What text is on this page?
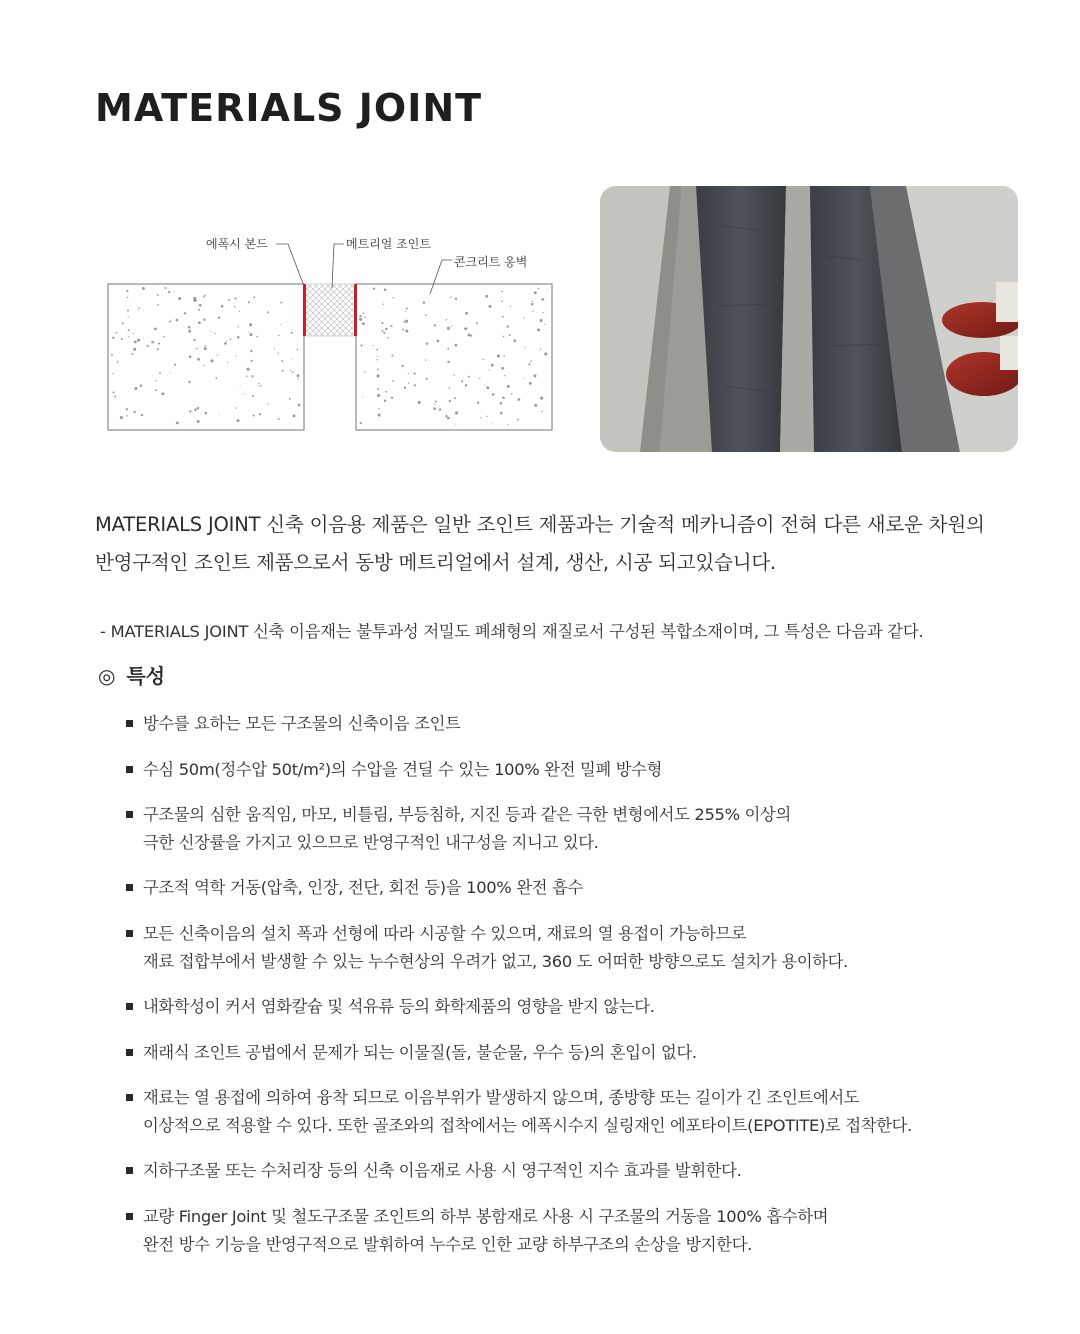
MATERIALS JOINT
에폭시 본드	메트리얼 조인트
콘크리트 옹벽

MATERIALS JOINT 신축 이음용 제품은 일반 조인트 제품과는 기술적 메카니즘이 전혀 다른 새로운 차원의

반영구적인 조인트 제품으로서 동방 메트리얼에서 설계, 생산, 시공 되고있습니다.

- MATERIALS JOINT 신축 이음재는 불투과성 저밀도 폐쇄형의 재질로서 구성된 복합소재이며, 그 특성은 다음과 같다.

◎ 특성
방수를 요하는 모든 구조물의 신축이음 조인트
수심 50m(정수압 50t/m²)의 수압을 견딜 수 있는 100% 완전 밀폐 방수형
구조물의 심한 움직임, 마모, 비틀림, 부등침하, 지진 등과 같은 극한 변형에서도 255% 이상의
극한 신장률을 가지고 있으므로 반영구적인 내구성을 지니고 있다.
구조적 역학 거동(압축, 인장, 전단, 회전 등)을 100% 완전 흡수
모든 신축이음의 설치 폭과 선형에 따라 시공할 수 있으며, 재료의 열 용접이 가능하므로
재료 접합부에서 발생할 수 있는 누수현상의 우려가 없고, 360 도 어떠한 방향으로도 설치가 용이하다.
내화학성이 커서 염화칼슘 및 석유류 등의 화학제품의 영향을 받지 않는다.
재래식 조인트 공법에서 문제가 되는 이물질(돌, 불순물, 우수 등)의 혼입이 없다.
재료는 열 용접에 의하여 융착 되므로 이음부위가 발생하지 않으며, 종방향 또는 길이가 긴 조인트에서도
이상적으로 적용할 수 있다. 또한 골조와의 접착에서는 에폭시수지 실링재인 에포타이트(EPOTITE)로 접착한다.
지하구조물 또는 수처리장 등의 신축 이음재로 사용 시 영구적인 지수 효과를 발휘한다.
교량 Finger Joint 및 철도구조물 조인트의 하부 봉함재로 사용 시 구조물의 거동을 100% 흡수하며
완전 방수 기능을 반영구적으로 발휘하여 누수로 인한 교량 하부구조의 손상을 방지한다.
